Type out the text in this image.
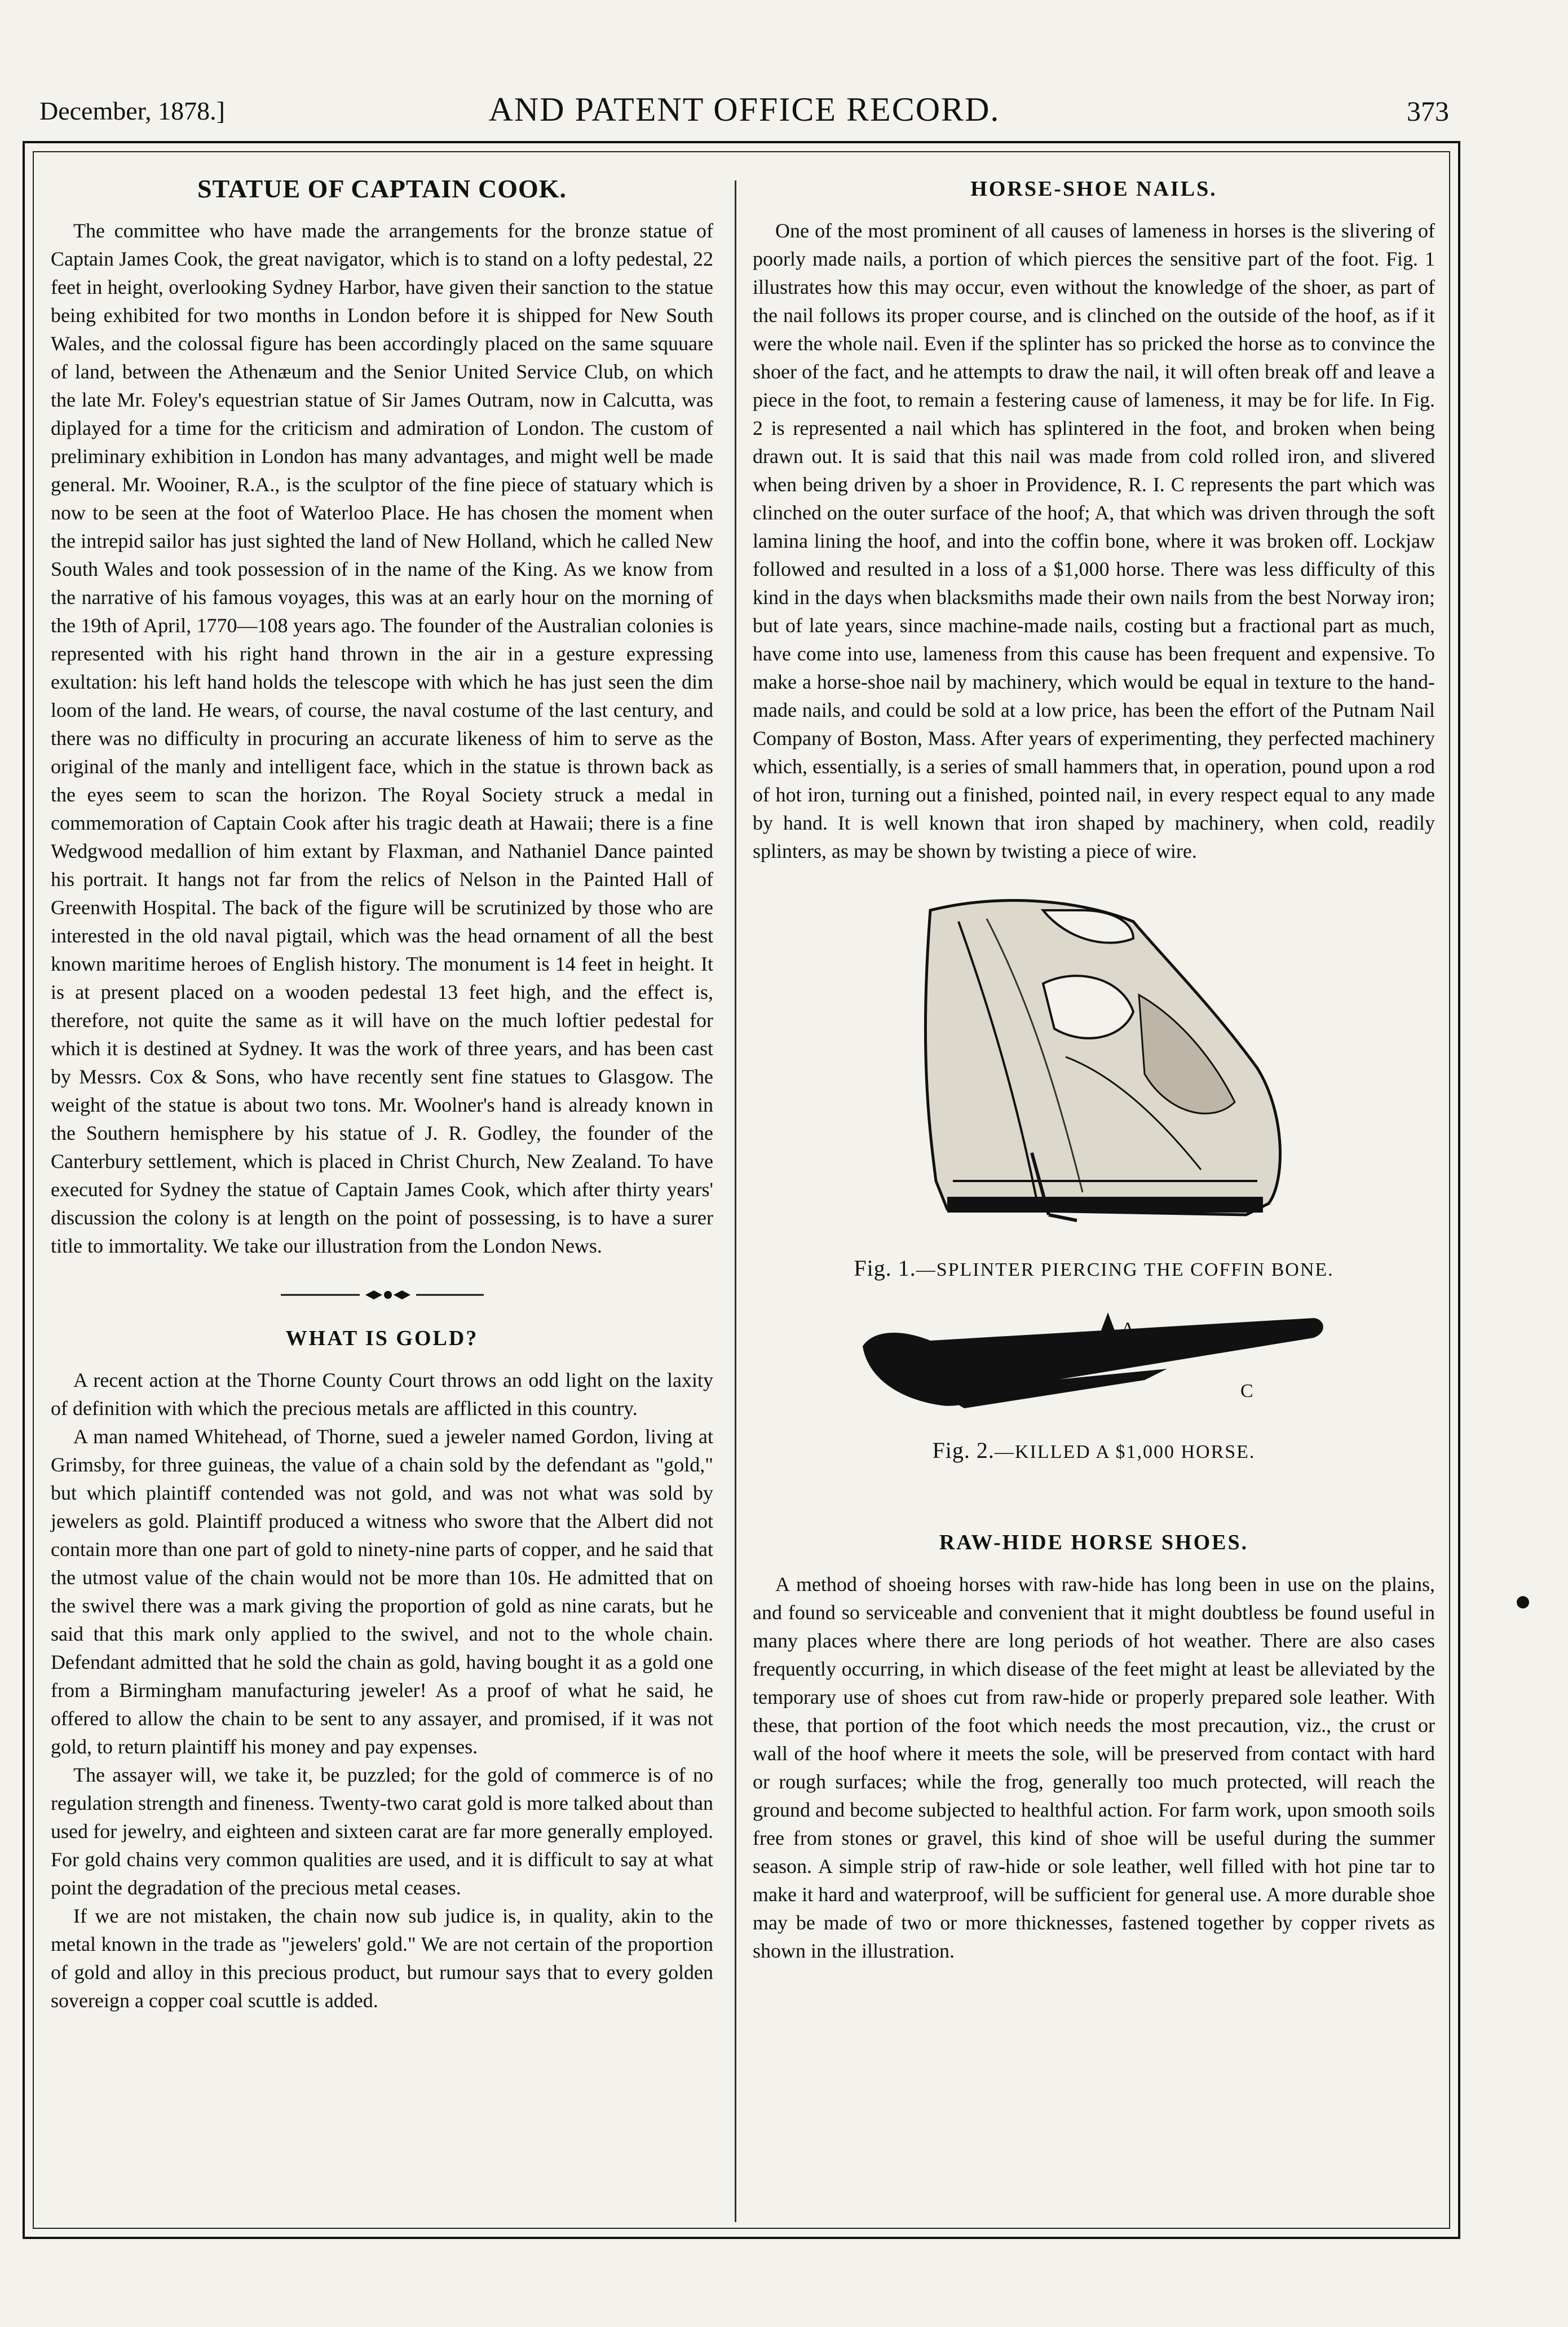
December, 1878.]	AND PATENT OFFICE RECORD.	373
STATUE OF CAPTAIN COOK.

The committee who have made the arrangements for the bronze statue of Captain James Cook, the great navigator, which is to stand on a lofty pedestal, 22 feet in height, overlooking Sydney Harbor, have given their sanction to the statue being exhibited for two months in London before it is shipped for New South Wales, and the colossal figure has been accordingly placed on the same squuare of land, between the Athenæum and the Senior United Service Club, on which the late Mr. Foley's equestrian statue of Sir James Outram, now in Calcutta, was diplayed for a time for the criticism and admiration of London. The custom of preliminary exhibition in London has many advantages, and might well be made general. Mr. Wooiner, R.A., is the sculptor of the fine piece of statuary which is now to be seen at the foot of Waterloo Place. He has chosen the moment when the intrepid sailor has just sighted the land of New Holland, which he called New South Wales and took possession of in the name of the King. As we know from the narrative of his famous voyages, this was at an early hour on the morning of the 19th of April, 1770—108 years ago. The founder of the Australian colonies is represented with his right hand thrown in the air in a gesture expressing exultation: his left hand holds the telescope with which he has just seen the dim loom of the land. He wears, of course, the naval costume of the last century, and there was no difficulty in procuring an accurate likeness of him to serve as the original of the manly and intelligent face, which in the statue is thrown back as the eyes seem to scan the horizon. The Royal Society struck a medal in commemoration of Captain Cook after his tragic death at Hawaii; there is a fine Wedgwood medallion of him extant by Flaxman, and Nathaniel Dance painted his portrait. It hangs not far from the relics of Nelson in the Painted Hall of Greenwith Hospital. The back of the figure will be scrutinized by those who are interested in the old naval pigtail, which was the head ornament of all the best known maritime heroes of English history. The monument is 14 feet in height. It is at present placed on a wooden pedestal 13 feet high, and the effect is, therefore, not quite the same as it will have on the much loftier pedestal for which it is destined at Sydney. It was the work of three years, and has been cast by Messrs. Cox & Sons, who have recently sent fine statues to Glasgow. The weight of the statue is about two tons. Mr. Woolner's hand is already known in the Southern hemisphere by his statue of J. R. Godley, the founder of the Canterbury settlement, which is placed in Christ Church, New Zealand. To have executed for Sydney the statue of Captain James Cook, which after thirty years' discussion the colony is at length on the point of possessing, is to have a surer title to immortality. We take our illustration from the London News.

WHAT IS GOLD?

A recent action at the Thorne County Court throws an odd light on the laxity of definition with which the precious metals are afflicted in this country.

A man named Whitehead, of Thorne, sued a jeweler named Gordon, living at Grimsby, for three guineas, the value of a chain sold by the defendant as "gold," but which plaintiff contended was not gold, and was not what was sold by jewelers as gold. Plaintiff produced a witness who swore that the Albert did not contain more than one part of gold to ninety-nine parts of copper, and he said that the utmost value of the chain would not be more than 10s. He admitted that on the swivel there was a mark giving the proportion of gold as nine carats, but he said that this mark only applied to the swivel, and not to the whole chain. Defendant admitted that he sold the chain as gold, having bought it as a gold one from a Birmingham manufacturing jeweler! As a proof of what he said, he offered to allow the chain to be sent to any assayer, and promised, if it was not gold, to return plaintiff his money and pay expenses.

The assayer will, we take it, be puzzled; for the gold of commerce is of no regulation strength and fineness. Twenty-two carat gold is more talked about than used for jewelry, and eighteen and sixteen carat are far more generally employed. For gold chains very common qualities are used, and it is difficult to say at what point the degradation of the precious metal ceases.

If we are not mistaken, the chain now sub judice is, in quality, akin to the metal known in the trade as "jewelers' gold." We are not certain of the proportion of gold and alloy in this precious product, but rumour says that to every golden sovereign a copper coal scuttle is added.

HORSE-SHOE NAILS.

One of the most prominent of all causes of lameness in horses is the slivering of poorly made nails, a portion of which pierces the sensitive part of the foot. Fig. 1 illustrates how this may occur, even without the knowledge of the shoer, as part of the nail follows its proper course, and is clinched on the outside of the hoof, as if it were the whole nail. Even if the splinter has so pricked the horse as to convince the shoer of the fact, and he attempts to draw the nail, it will often break off and leave a piece in the foot, to remain a festering cause of lameness, it may be for life. In Fig. 2 is represented a nail which has splintered in the foot, and broken when being drawn out. It is said that this nail was made from cold rolled iron, and slivered when being driven by a shoer in Providence, R. I. C represents the part which was clinched on the outer surface of the hoof; A, that which was driven through the soft lamina lining the hoof, and into the coffin bone, where it was broken off. Lockjaw followed and resulted in a loss of a $1,000 horse. There was less difficulty of this kind in the days when blacksmiths made their own nails from the best Norway iron; but of late years, since machine-made nails, costing but a fractional part as much, have come into use, lameness from this cause has been frequent and expensive. To make a horse-shoe nail by machinery, which would be equal in texture to the hand-made nails, and could be sold at a low price, has been the effort of the Putnam Nail Company of Boston, Mass. After years of experimenting, they perfected machinery which, essentially, is a series of small hammers that, in operation, pound upon a rod of hot iron, turning out a finished, pointed nail, in every respect equal to any made by hand. It is well known that iron shaped by machinery, when cold, readily splinters, as may be shown by twisting a piece of wire.

Fig. 1.—SPLINTER PIERCING THE COFFIN BONE.
A
C
Fig. 2.—KILLED A $1,000 HORSE.
RAW-HIDE HORSE SHOES.

A method of shoeing horses with raw-hide has long been in use on the plains, and found so serviceable and convenient that it might doubtless be found useful in many places where there are long periods of hot weather. There are also cases frequently occurring, in which disease of the feet might at least be alleviated by the temporary use of shoes cut from raw-hide or properly prepared sole leather. With these, that portion of the foot which needs the most precaution, viz., the crust or wall of the hoof where it meets the sole, will be preserved from contact with hard or rough surfaces; while the frog, generally too much protected, will reach the ground and become subjected to healthful action. For farm work, upon smooth soils free from stones or gravel, this kind of shoe will be useful during the summer season. A simple strip of raw-hide or sole leather, well filled with hot pine tar to make it hard and waterproof, will be sufficient for general use. A more durable shoe may be made of two or more thicknesses, fastened together by copper rivets as shown in the illustration.
